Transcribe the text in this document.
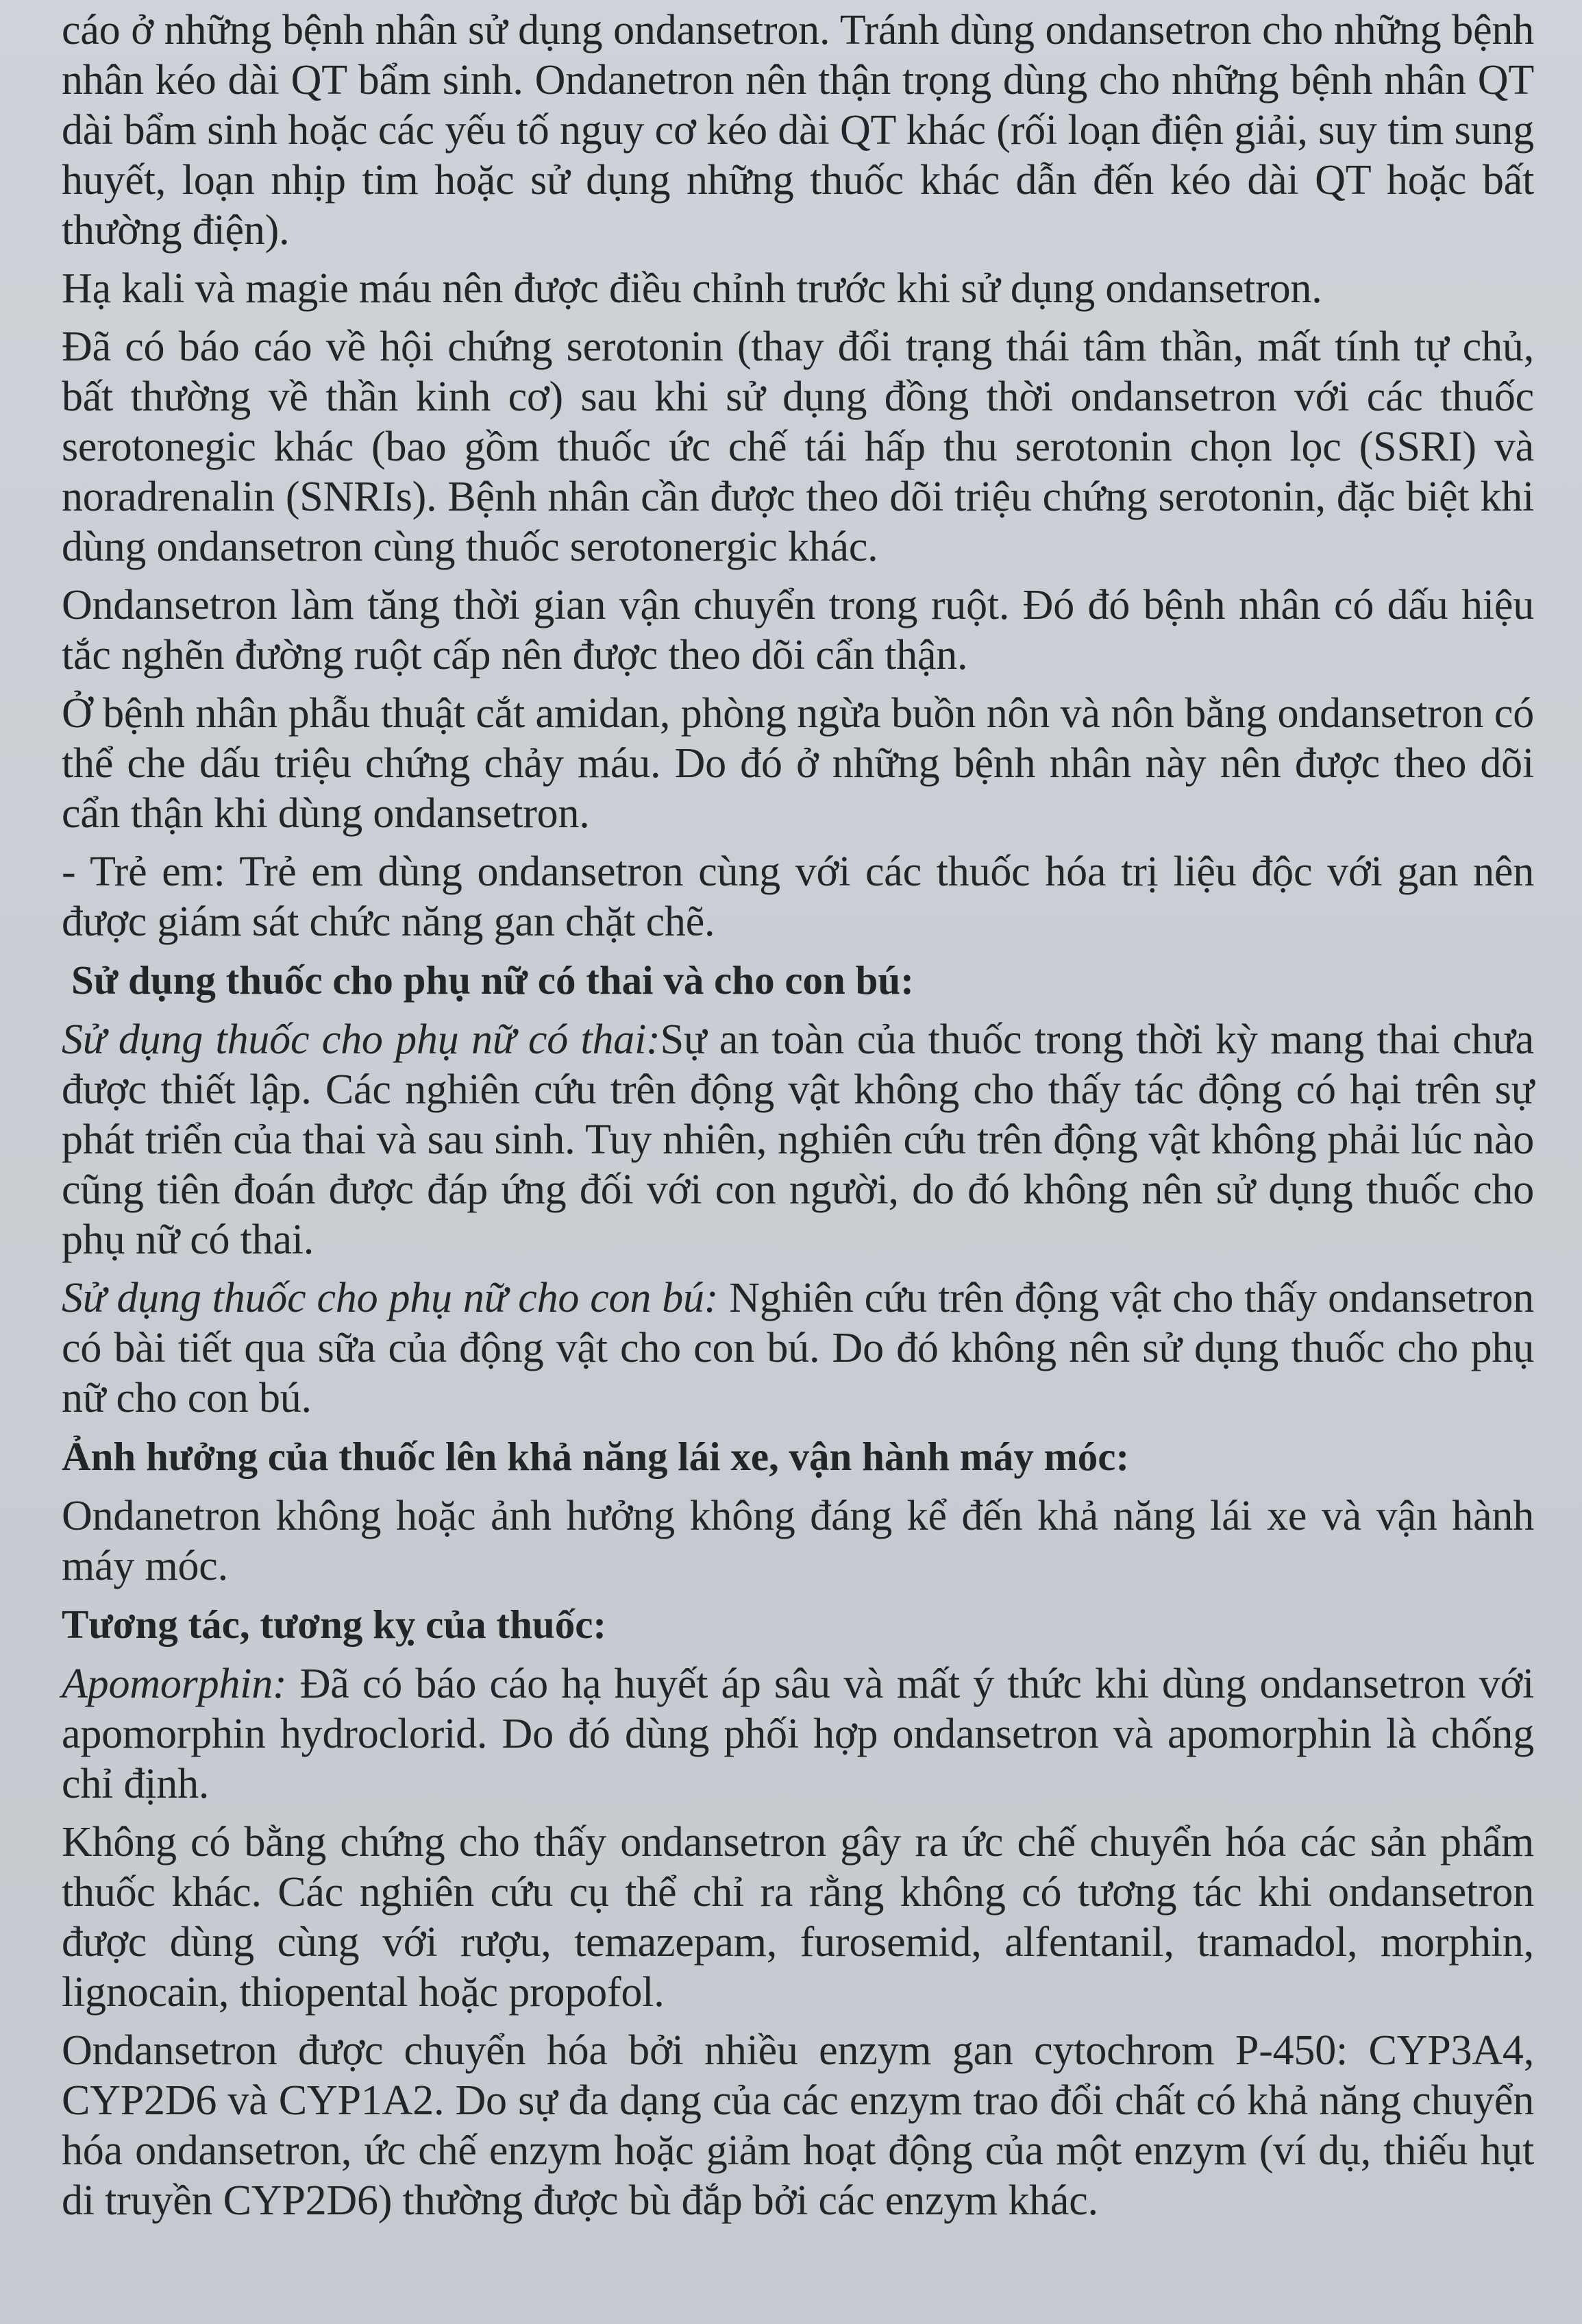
cáo ở những bệnh nhân sử dụng ondansetron. Tránh dùng ondansetron cho những bệnh nhân kéo dài QT bẩm sinh. Ondanetron nên thận trọng dùng cho những bệnh nhân QT dài bẩm sinh hoặc các yếu tố nguy cơ kéo dài QT khác (rối loạn điện giải, suy tim sung huyết, loạn nhịp tim hoặc sử dụng những thuốc khác dẫn đến kéo dài QT hoặc bất thường điện).

Hạ kali và magie máu nên được điều chỉnh trước khi sử dụng ondansetron.

Đã có báo cáo về hội chứng serotonin (thay đổi trạng thái tâm thần, mất tính tự chủ, bất thường về thần kinh cơ) sau khi sử dụng đồng thời ondansetron với các thuốc serotonegic khác (bao gồm thuốc ức chế tái hấp thu serotonin chọn lọc (SSRI) và noradrenalin (SNRIs). Bệnh nhân cần được theo dõi triệu chứng serotonin, đặc biệt khi dùng ondansetron cùng thuốc serotonergic khác.

Ondansetron làm tăng thời gian vận chuyển trong ruột. Đó đó bệnh nhân có dấu hiệu tắc nghẽn đường ruột cấp nên được theo dõi cẩn thận.

Ở bệnh nhân phẫu thuật cắt amidan, phòng ngừa buồn nôn và nôn bằng ondansetron có thể che dấu triệu chứng chảy máu. Do đó ở những bệnh nhân này nên được theo dõi cẩn thận khi dùng ondansetron.

- Trẻ em: Trẻ em dùng ondansetron cùng với các thuốc hóa trị liệu độc với gan nên được giám sát chức năng gan chặt chẽ.

Sử dụng thuốc cho phụ nữ có thai và cho con bú:

Sử dụng thuốc cho phụ nữ có thai:Sự an toàn của thuốc trong thời kỳ mang thai chưa được thiết lập. Các nghiên cứu trên động vật không cho thấy tác động có hại trên sự phát triển của thai và sau sinh. Tuy nhiên, nghiên cứu trên động vật không phải lúc nào cũng tiên đoán được đáp ứng đối với con người, do đó không nên sử dụng thuốc cho phụ nữ có thai.

Sử dụng thuốc cho phụ nữ cho con bú: Nghiên cứu trên động vật cho thấy ondansetron có bài tiết qua sữa của động vật cho con bú. Do đó không nên sử dụng thuốc cho phụ nữ cho con bú.

Ảnh hưởng của thuốc lên khả năng lái xe, vận hành máy móc:

Ondanetron không hoặc ảnh hưởng không đáng kể đến khả năng lái xe và vận hành máy móc.

Tương tác, tương kỵ của thuốc:

Apomorphin: Đã có báo cáo hạ huyết áp sâu và mất ý thức khi dùng ondansetron với apomorphin hydroclorid. Do đó dùng phối hợp ondansetron và apomorphin là chống chỉ định.

Không có bằng chứng cho thấy ondansetron gây ra ức chế chuyển hóa các sản phẩm thuốc khác. Các nghiên cứu cụ thể chỉ ra rằng không có tương tác khi ondansetron được dùng cùng với rượu, temazepam, furosemid, alfentanil, tramadol, morphin, lignocain, thiopental hoặc propofol.

Ondansetron được chuyển hóa bởi nhiều enzym gan cytochrom P-450: CYP3A4, CYP2D6 và CYP1A2. Do sự đa dạng của các enzym trao đổi chất có khả năng chuyển hóa ondansetron, ức chế enzym hoặc giảm hoạt động của một enzym (ví dụ, thiếu hụt di truyền CYP2D6) thường được bù đắp bởi các enzym khác.
